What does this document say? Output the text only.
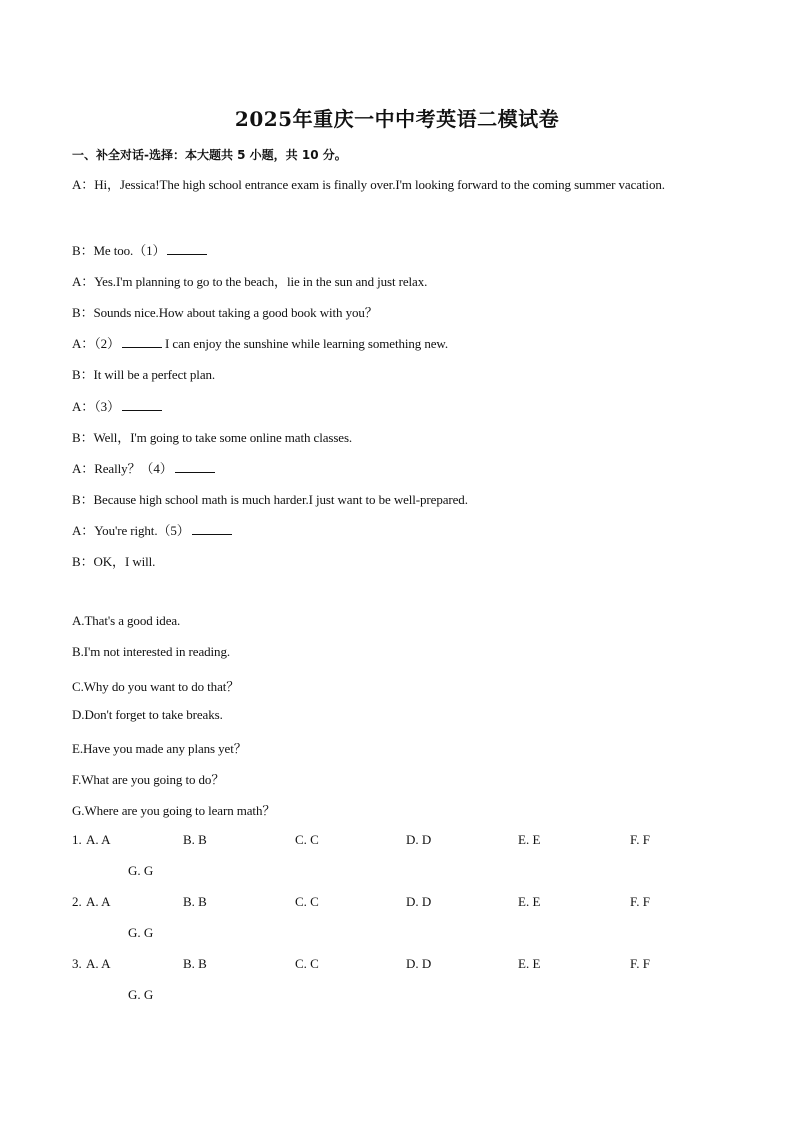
2025年重庆一中中考英语二模试卷
一、补全对话-选择：本大题共 5 小题，共 10 分。
A：Hi，Jessica!The high school entrance exam is finally over.I'm looking forward to the coming summer vacation.
B：Me too.（1）
A：Yes.I'm planning to go to the beach，lie in the sun and just relax.
B：Sounds nice.How about taking a good book with you？
A：（2）	I can enjoy the sunshine while learning something new.
B：It will be a perfect plan.
A：（3）
B：Well，I'm going to take some online math classes.
A：Really？（4）
B：Because high school math is much harder.I just want to be well-prepared.
A：You're right.（5）
B：OK，I will.
A.That's a good idea.
B.I'm not interested in reading.
C.Why do you want to do that？
D.Don't forget to take breaks.
E.Have you made any plans yet？
F.What are you going to do？
G.Where are you going to learn math？
1. A. A	B. B	C. C	D. D	E. E	F. F
G. G
2. A. A	B. B	C. C	D. D	E. E	F. F
G. G
3. A. A	B. B	C. C	D. D	E. E	F. F
G. G
